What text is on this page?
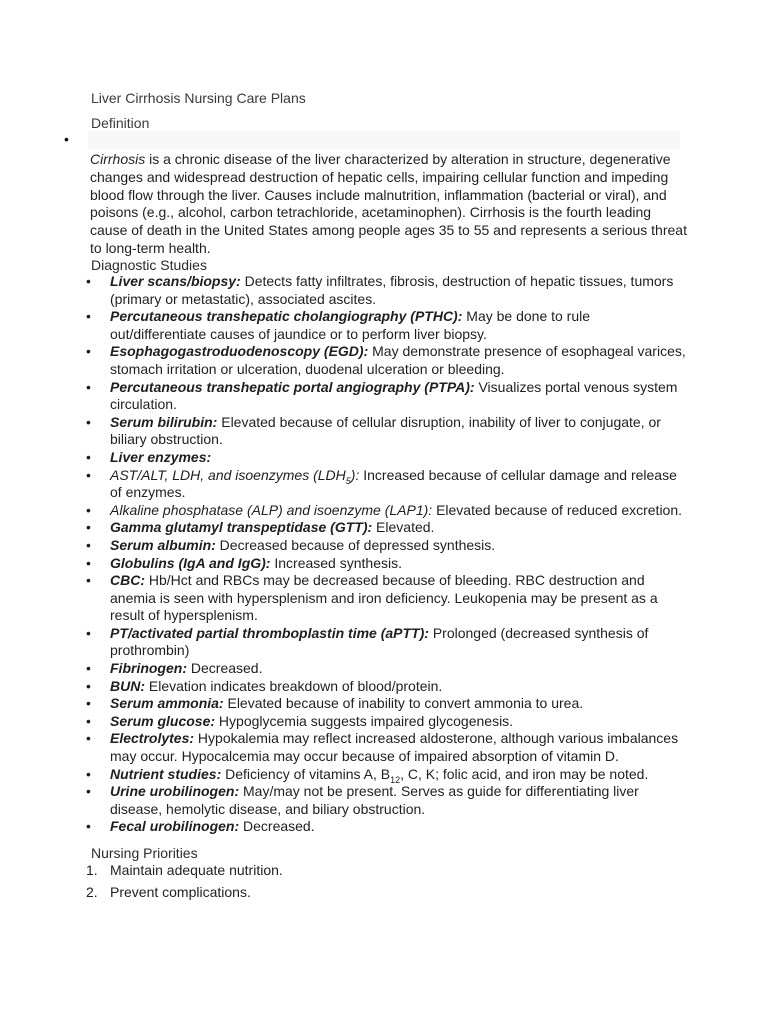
Liver Cirrhosis Nursing Care Plans
Definition
•

Cirrhosis is a chronic disease of the liver characterized by alteration in structure, degenerative changes and widespread destruction of hepatic cells, impairing cellular function and impeding blood flow through the liver. Causes include malnutrition, inflammation (bacterial or viral), and poisons (e.g., alcohol, carbon tetrachloride, acetaminophen). Cirrhosis is the fourth leading cause of death in the United States among people ages 35 to 55 and represents a serious threat to long-term health.

Diagnostic Studies
• Liver scans/biopsy: Detects fatty infiltrates, fibrosis, destruction of hepatic tissues, tumors (primary or metastatic), associated ascites.
• Percutaneous transhepatic cholangiography (PTHC): May be done to rule out/differentiate causes of jaundice or to perform liver biopsy.
• Esophagogastroduodenoscopy (EGD): May demonstrate presence of esophageal varices, stomach irritation or ulceration, duodenal ulceration or bleeding.
• Percutaneous transhepatic portal angiography (PTPA): Visualizes portal venous system circulation.
• Serum bilirubin: Elevated because of cellular disruption, inability of liver to conjugate, or biliary obstruction.
• Liver enzymes:
• AST/ALT, LDH, and isoenzymes $(LDH_5)$: Increased because of cellular damage and release of enzymes.
• Alkaline phosphatase (ALP) and isoenzyme (LAP1): Elevated because of reduced excretion.
• Gamma glutamyl transpeptidase (GTT): Elevated.
• Serum albumin: Decreased because of depressed synthesis.
• Globulins (IgA and IgG): Increased synthesis.
• CBC: Hb/Hct and RBCs may be decreased because of bleeding. RBC destruction and anemia is seen with hypersplenism and iron deficiency. Leukopenia may be present as a result of hypersplenism.
• PT/activated partial thromboplastin time (aPTT): Prolonged (decreased synthesis of prothrombin)
• Fibrinogen: Decreased.
• BUN: Elevation indicates breakdown of blood/protein.
• Serum ammonia: Elevated because of inability to convert ammonia to urea.
• Serum glucose: Hypoglycemia suggests impaired glycogenesis.
• Electrolytes: Hypokalemia may reflect increased aldosterone, although various imbalances may occur. Hypocalcemia may occur because of impaired absorption of vitamin D.
• Nutrient studies: Deficiency of vitamins A, $B_{12}$, C, K; folic acid, and iron may be noted.
• Urine urobilinogen: May/may not be present. Serves as guide for differentiating liver disease, hemolytic disease, and biliary obstruction.
• Fecal urobilinogen: Decreased.
Nursing Priorities
1. Maintain adequate nutrition.
2. Prevent complications.
